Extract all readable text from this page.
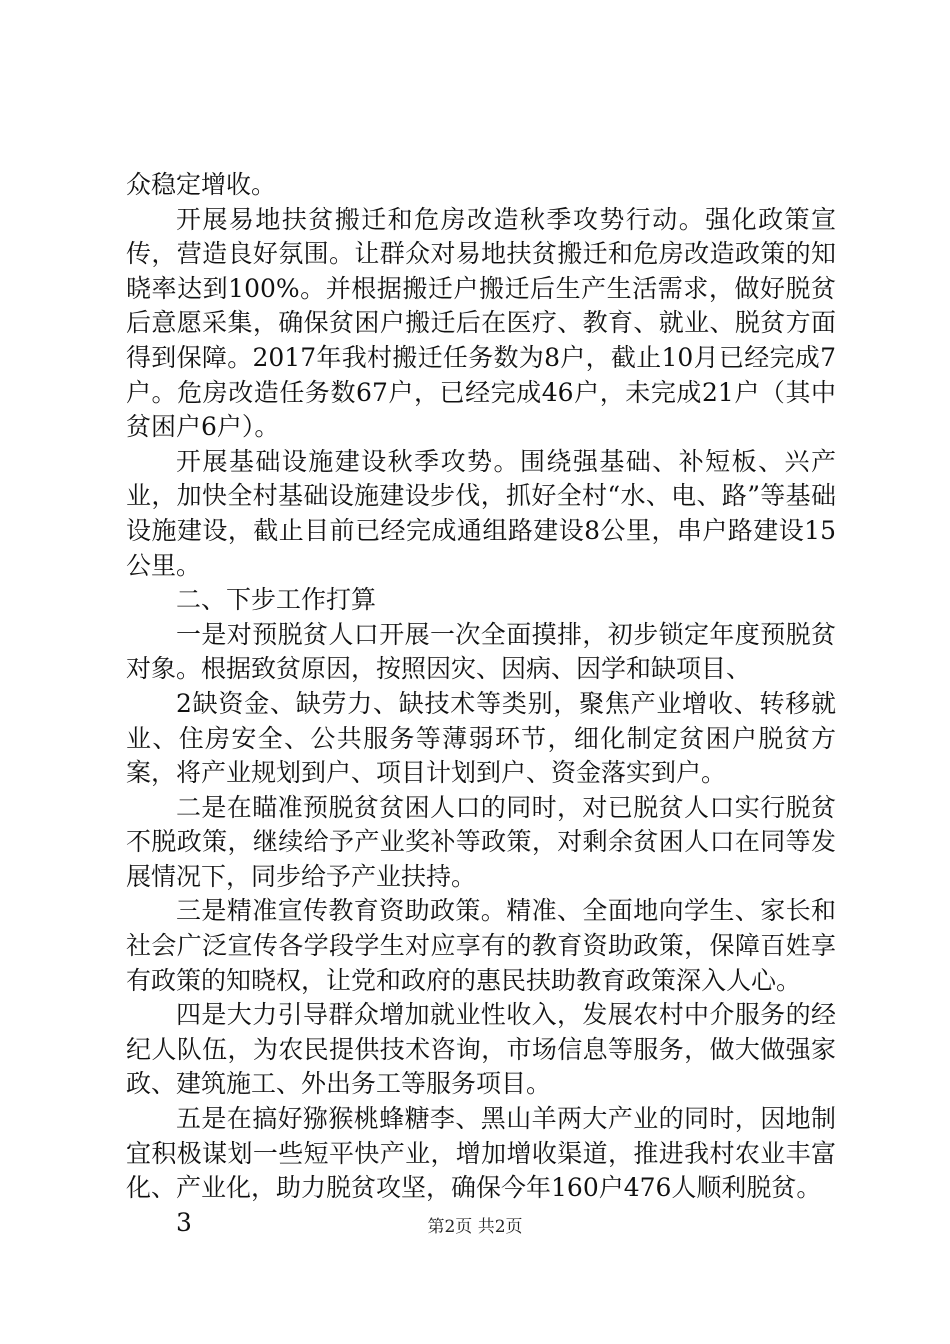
众稳定增收。

开展易地扶贫搬迁和危房改造秋季攻势行动。强化政策宣传，营造良好氛围。让群众对易地扶贫搬迁和危房改造政策的知晓率达到100%。并根据搬迁户搬迁后生产生活需求，做好脱贫后意愿采集，确保贫困户搬迁后在医疗、教育、就业、脱贫方面得到保障。2017年我村搬迁任务数为8户，截止10月已经完成7户。危房改造任务数67户，已经完成46户，未完成21户（其中贫困户6户）。

开展基础设施建设秋季攻势。围绕强基础、补短板、兴产业，加快全村基础设施建设步伐，抓好全村“水、电、路”等基础设施建设，截止目前已经完成通组路建设8公里，串户路建设15公里。

二、下步工作打算

一是对预脱贫人口开展一次全面摸排，初步锁定年度预脱贫对象。根据致贫原因，按照因灾、因病、因学和缺项目、

2缺资金、缺劳力、缺技术等类别，聚焦产业增收、转移就业、住房安全、公共服务等薄弱环节，细化制定贫困户脱贫方案，将产业规划到户、项目计划到户、资金落实到户。

二是在瞄准预脱贫贫困人口的同时，对已脱贫人口实行脱贫不脱政策，继续给予产业奖补等政策，对剩余贫困人口在同等发展情况下，同步给予产业扶持。

三是精准宣传教育资助政策。精准、全面地向学生、家长和社会广泛宣传各学段学生对应享有的教育资助政策，保障百姓享有政策的知晓权，让党和政府的惠民扶助教育政策深入人心。

四是大力引导群众增加就业性收入，发展农村中介服务的经纪人队伍，为农民提供技术咨询，市场信息等服务，做大做强家政、建筑施工、外出务工等服务项目。

五是在搞好猕猴桃蜂糖李、黑山羊两大产业的同时，因地制宜积极谋划一些短平快产业，增加增收渠道，推进我村农业丰富化、产业化，助力脱贫攻坚，确保今年160户476人顺利脱贫。

3	第2页 共2页
